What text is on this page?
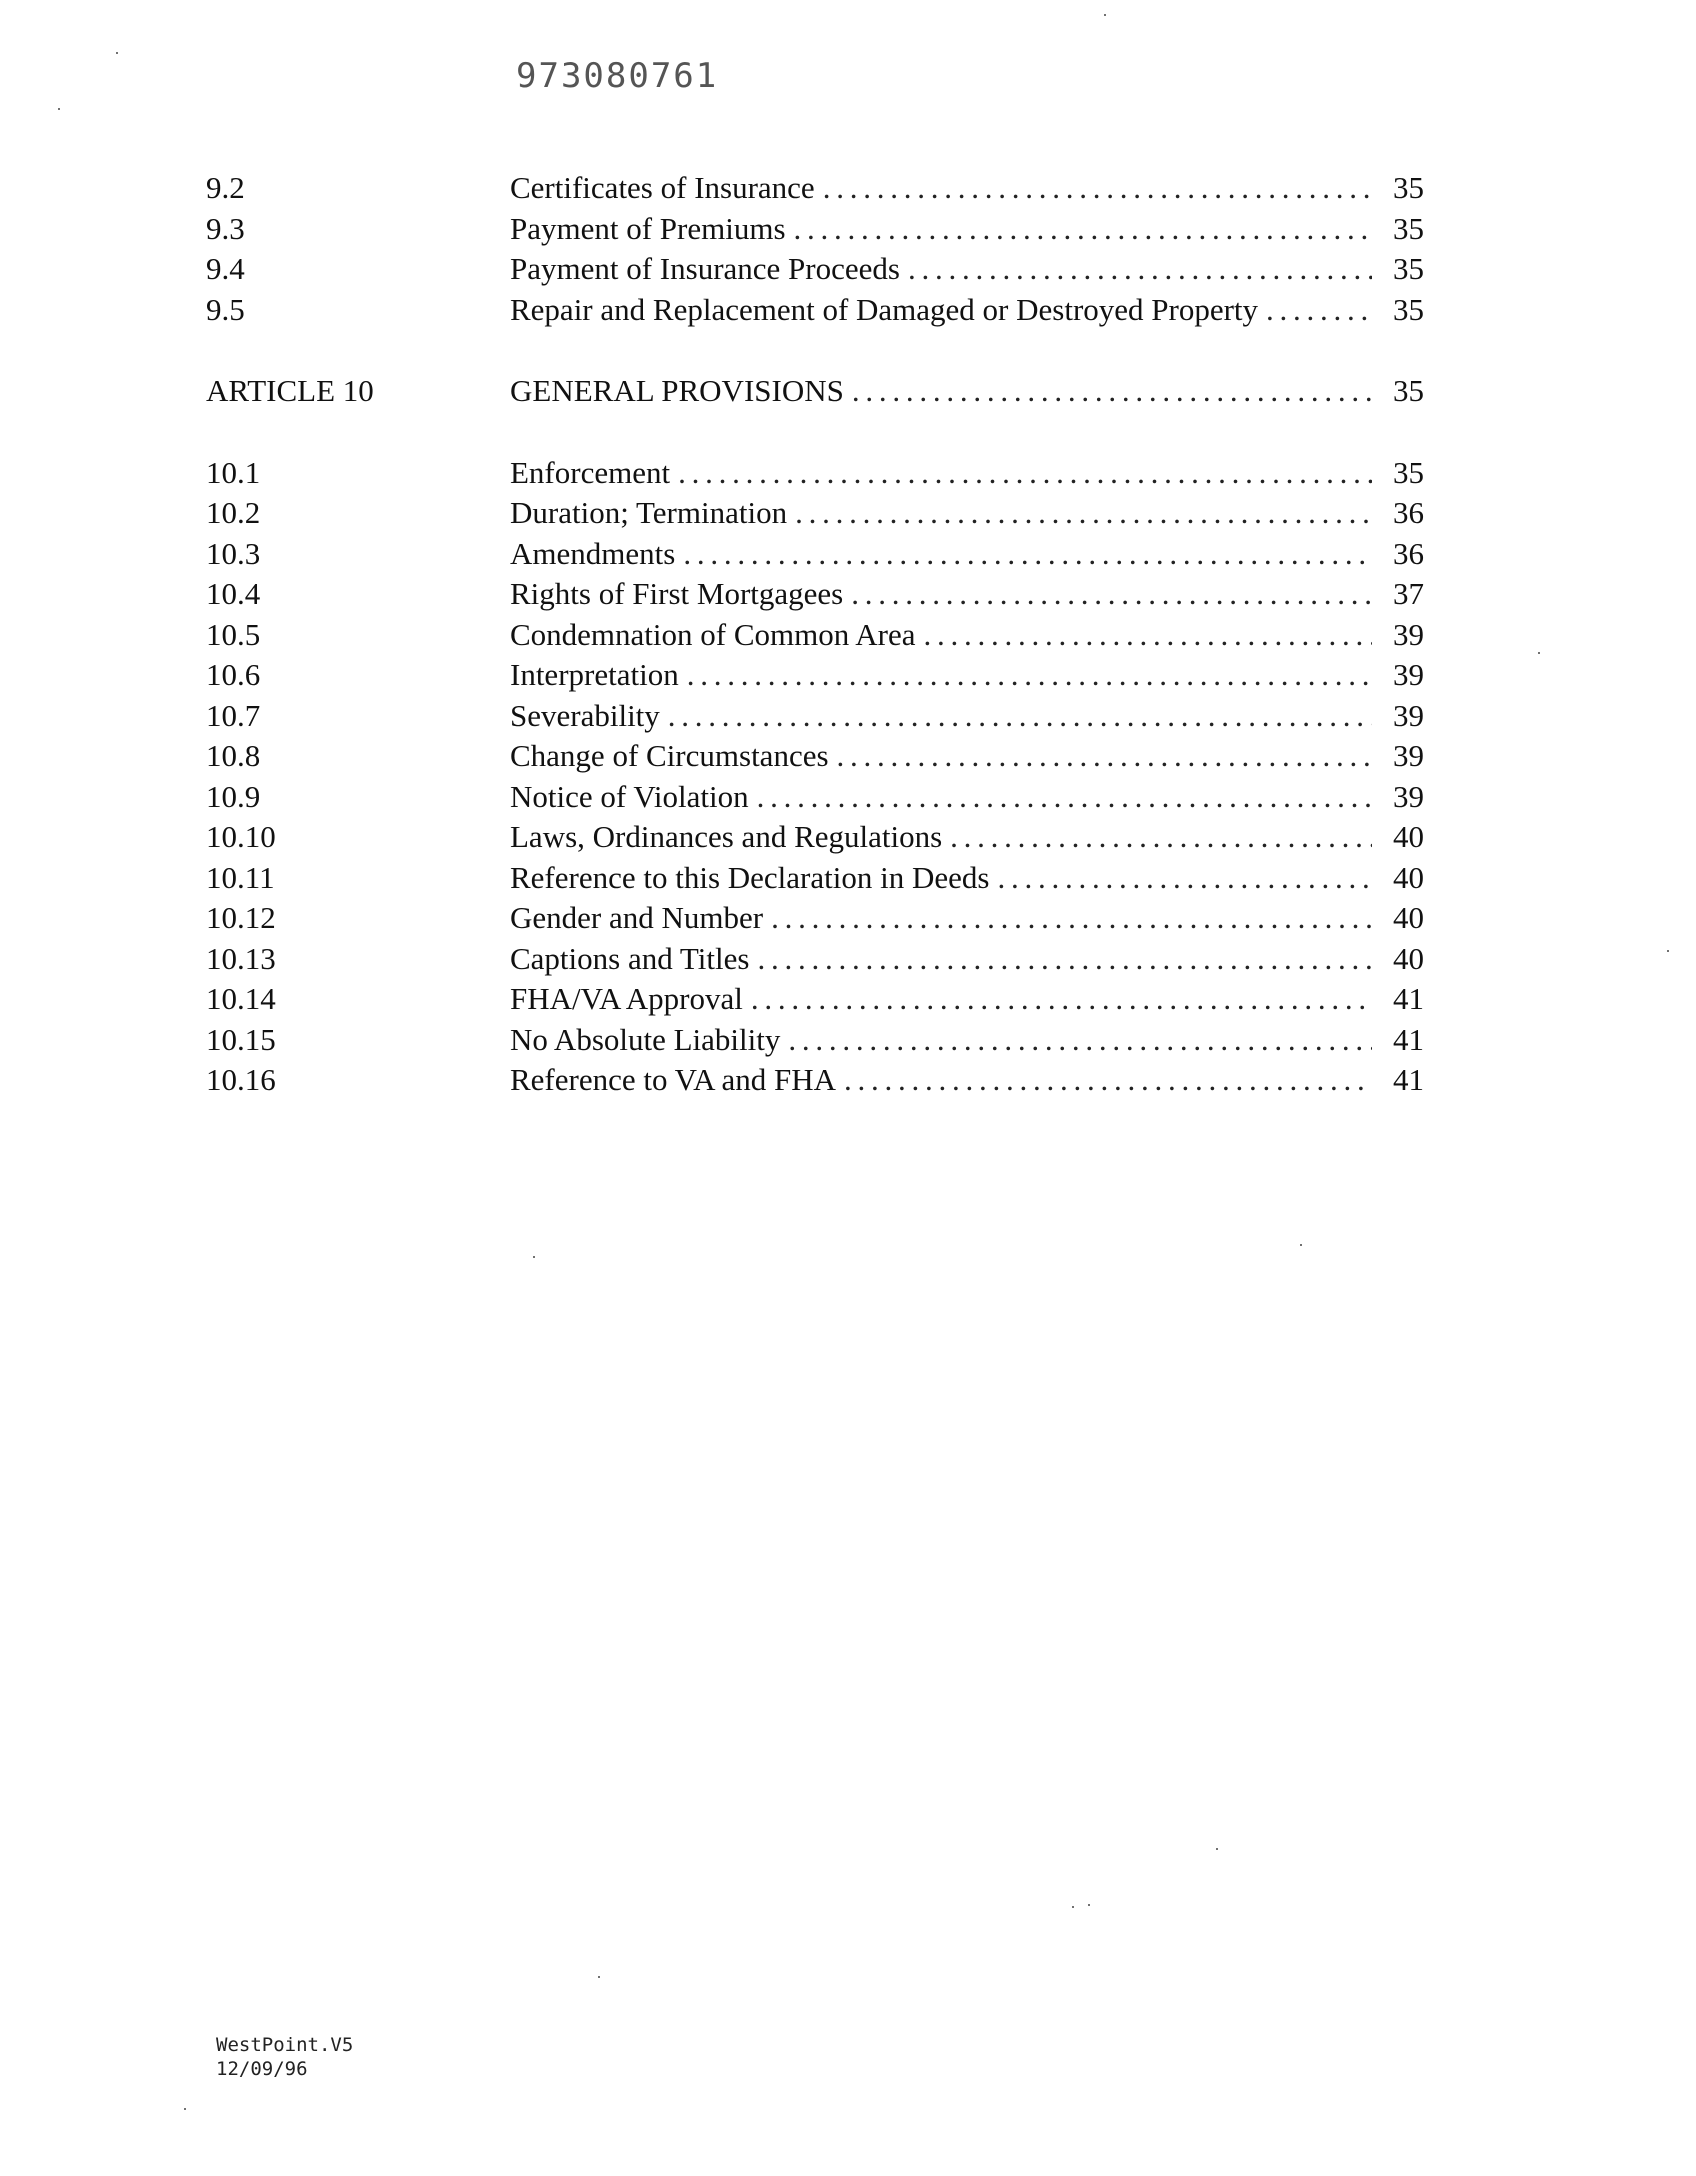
973080761
9.2	Certificates of Insurance . . .	35
9.3	Payment of Premiums . . .	35
9.4	Payment of Insurance Proceeds . . .	35
9.5	Repair and Replacement of Damaged or Destroyed Property . . .	35
ARTICLE 10	GENERAL PROVISIONS . . .	35
10.1	Enforcement . . .	35
10.2	Duration; Termination . . .	36
10.3	Amendments . . .	36
10.4	Rights of First Mortgagees . . .	37
10.5	Condemnation of Common Area . . .	39
10.6	Interpretation . . .	39
10.7	Severability . . .	39
10.8	Change of Circumstances . . .	39
10.9	Notice of Violation . . .	39
10.10	Laws, Ordinances and Regulations . . .	40
10.11	Reference to this Declaration in Deeds . . .	40
10.12	Gender and Number . . .	40
10.13	Captions and Titles . . .	40
10.14	FHA/VA Approval . . .	41
10.15	No Absolute Liability . . .	41
10.16	Reference to VA and FHA . . .	41
WestPoint.V5
12/09/96
